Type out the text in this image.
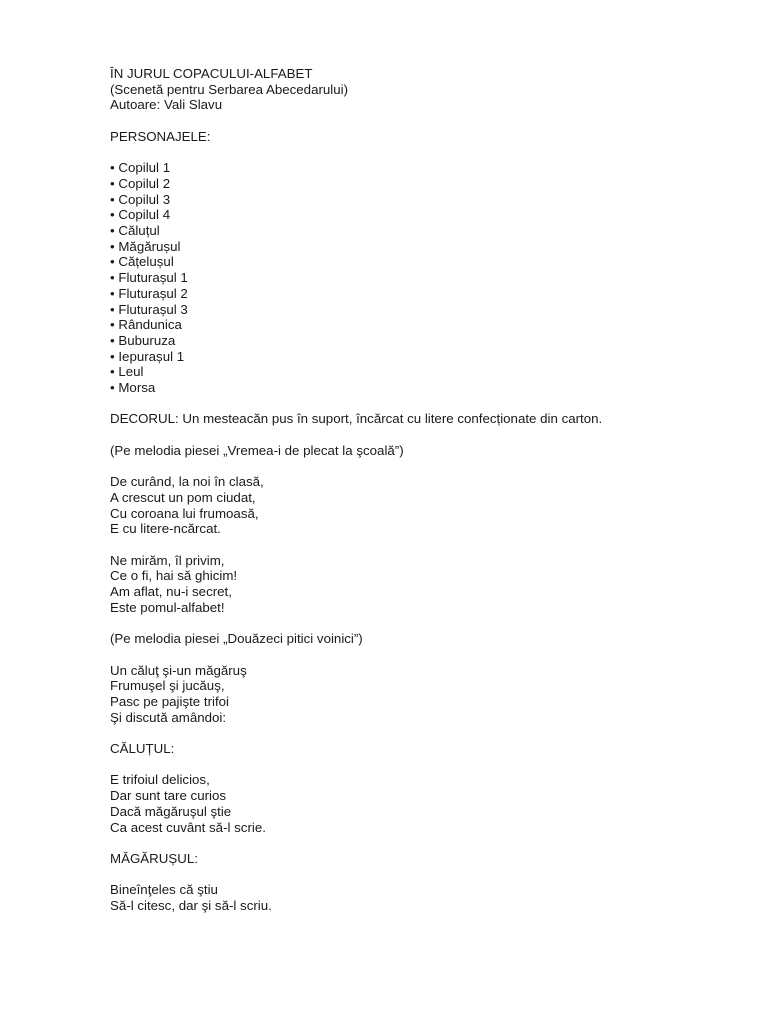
ÎN JURUL COPACULUI-ALFABET
(Scenetă pentru Serbarea Abecedarului)
Autoare: Vali Slavu
PERSONAJELE:
• Copilul 1
• Copilul 2
• Copilul 3
• Copilul 4
• Căluțul
• Măgărușul
• Cățelușul
• Fluturașul 1
• Fluturașul 2
• Fluturașul 3
• Rândunica
• Buburuza
• Iepurașul 1
• Leul
• Morsa
DECORUL: Un mesteacăn pus în suport, încărcat cu litere confecționate din carton.
(Pe melodia piesei „Vremea-i de plecat la şcoală”)
De curând, la noi în clasă,
A crescut un pom ciudat,
Cu coroana lui frumoasă,
E cu litere-ncărcat.
Ne mirăm, îl privim,
Ce o fi, hai să ghicim!
Am aflat, nu-i secret,
Este pomul-alfabet!
(Pe melodia piesei „Douăzeci pitici voinici”)
Un căluţ şi-un măgăruş
Frumuşel şi jucăuş,
Pasc pe pajişte trifoi
Şi discută amândoi:
CĂLUȚUL:
E trifoiul delicios,
Dar sunt tare curios
Dacă măgăruşul ştie
Ca acest cuvânt să-l scrie.
MĂGĂRUȘUL:
Bineînţeles că ştiu
Să-l citesc, dar şi să-l scriu.
